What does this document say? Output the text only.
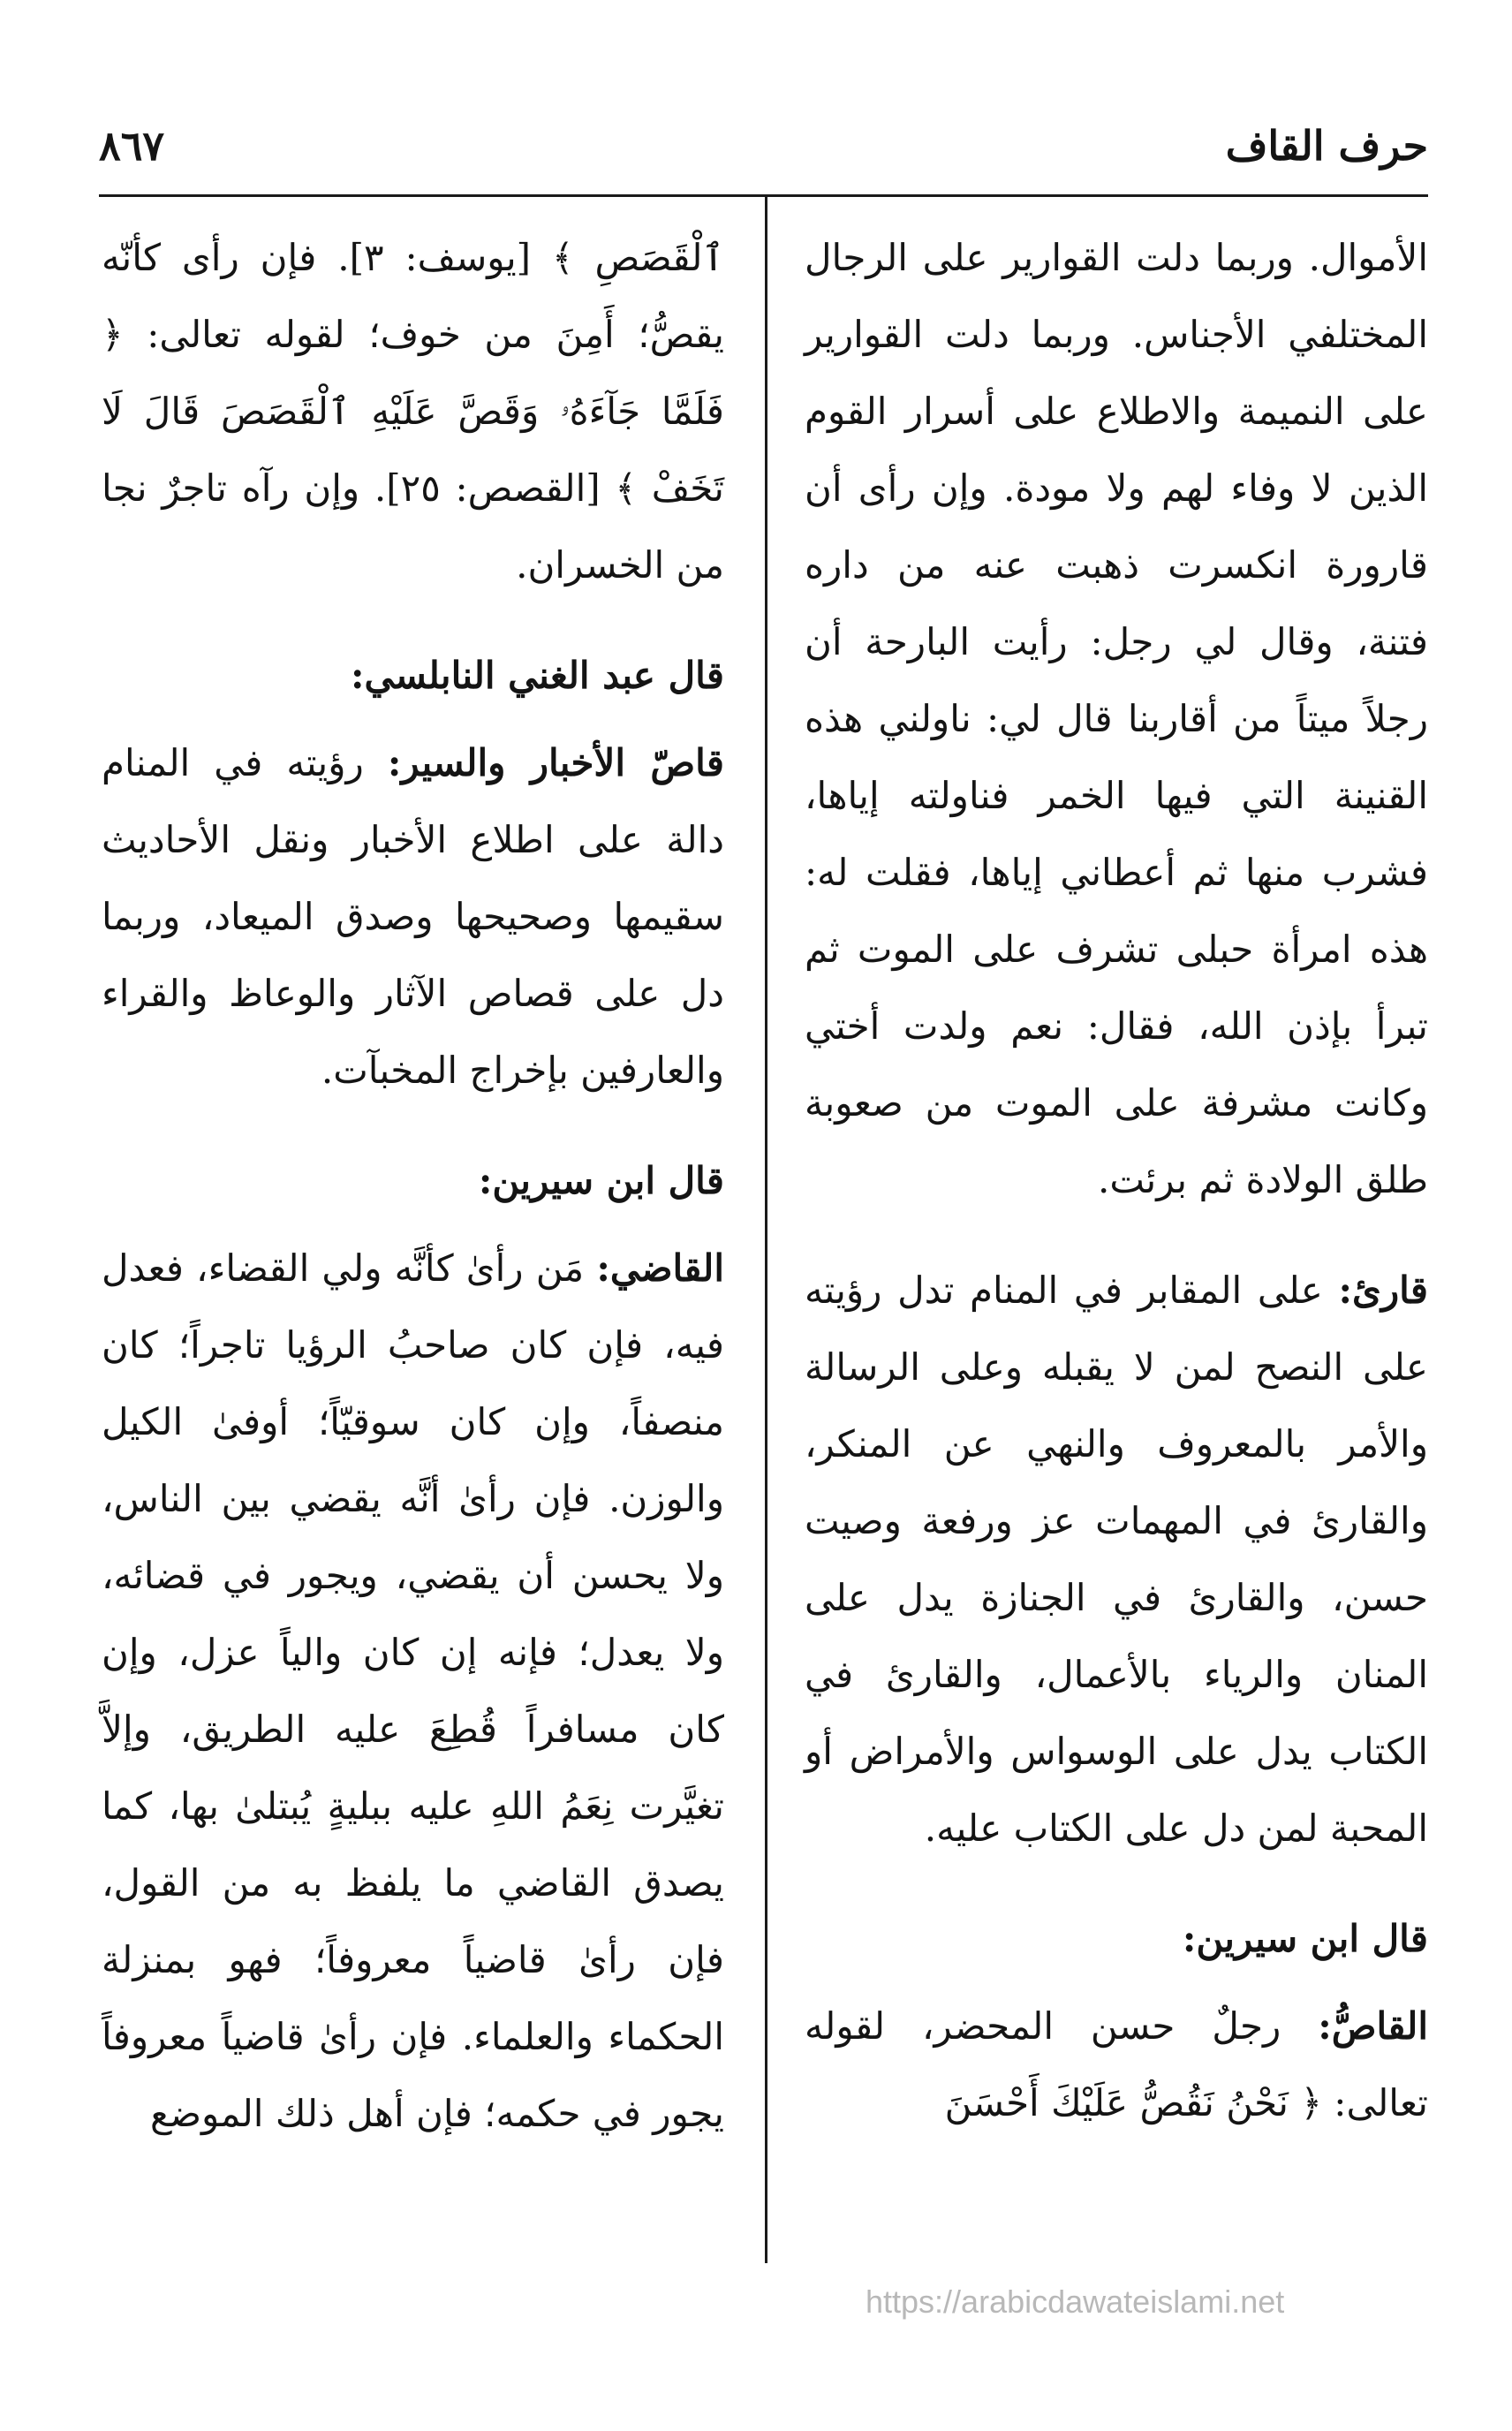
حرف القاف
٨٦٧

الأموال. وربما دلت القوارير على الرجال المختلفي الأجناس. وربما دلت القوارير على النميمة والاطلاع على أسرار القوم الذين لا وفاء لهم ولا مودة. وإن رأى أن قارورة انكسرت ذهبت عنه من داره فتنة، وقال لي رجل: رأيت البارحة أن رجلاً ميتاً من أقاربنا قال لي: ناولني هذه القنينة التي فيها الخمر فناولته إياها، فشرب منها ثم أعطاني إياها، فقلت له: هذه امرأة حبلى تشرف على الموت ثم تبرأ بإذن الله، فقال: نعم ولدت أختي وكانت مشرفة على الموت من صعوبة طلق الولادة ثم برئت.

قارئ: على المقابر في المنام تدل رؤيته على النصح لمن لا يقبله وعلى الرسالة والأمر بالمعروف والنهي عن المنكر، والقارئ في المهمات عز ورفعة وصيت حسن، والقارئ في الجنازة يدل على المنان والرياء بالأعمال، والقارئ في الكتاب يدل على الوسواس والأمراض أو المحبة لمن دل على الكتاب عليه.

قال ابن سيرين:

القاصُّ: رجلٌ حسن المحضر، لقوله تعالى: ﴿ نَحْنُ نَقُصُّ عَلَيْكَ أَحْسَنَ

ٱلْقَصَصِ ﴾ [يوسف: ٣]. فإن رأى كأنّه يقصُّ؛ أَمِنَ من خوف؛ لقوله تعالى: ﴿ فَلَمَّا جَآءَهُۥ وَقَصَّ عَلَيْهِ ٱلْقَصَصَ قَالَ لَا تَخَفْ ﴾ [القصص: ٢٥]. وإن رآه تاجرٌ نجا من الخسران.

قال عبد الغني النابلسي:

قاصّ الأخبار والسير: رؤيته في المنام دالة على اطلاع الأخبار ونقل الأحاديث سقيمها وصحيحها وصدق الميعاد، وربما دل على قصاص الآثار والوعاظ والقراء والعارفين بإخراج المخبآت.

قال ابن سيرين:

القاضي: مَن رأىٰ كأنَّه ولي القضاء، فعدل فيه، فإن كان صاحبُ الرؤيا تاجراً؛ كان منصفاً، وإن كان سوقيّاً؛ أوفىٰ الكيل والوزن. فإن رأىٰ أنَّه يقضي بين الناس، ولا يحسن أن يقضي، ويجور في قضائه، ولا يعدل؛ فإنه إن كان والياً عزل، وإن كان مسافراً قُطِعَ عليه الطريق، وإلاَّ تغيَّرت نِعَمُ اللهِ عليه ببليةٍ يُبتلىٰ بها، كما يصدق القاضي ما يلفظ به من القول، فإن رأىٰ قاضياً معروفاً؛ فهو بمنزلة الحكماء والعلماء. فإن رأىٰ قاضياً معروفاً يجور في حكمه؛ فإن أهل ذلك الموضع

https://arabicdawateislami.net
